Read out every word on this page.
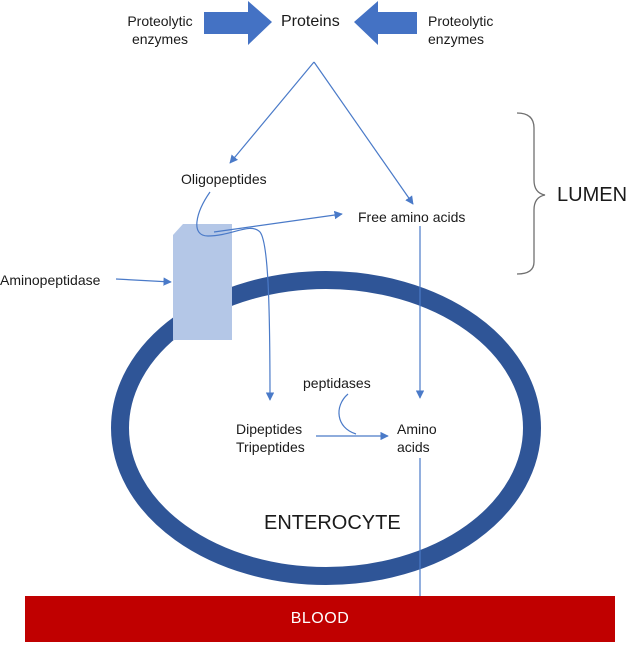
Proteolytic
enzymes
Proteins	Proteolytic
enzymes
Oligopeptides
Free amino acids
LUMEN
Aminopeptidase
peptidases
Dipeptides
Tripeptides
Amino
acids
ENTEROCYTE
BLOOD
